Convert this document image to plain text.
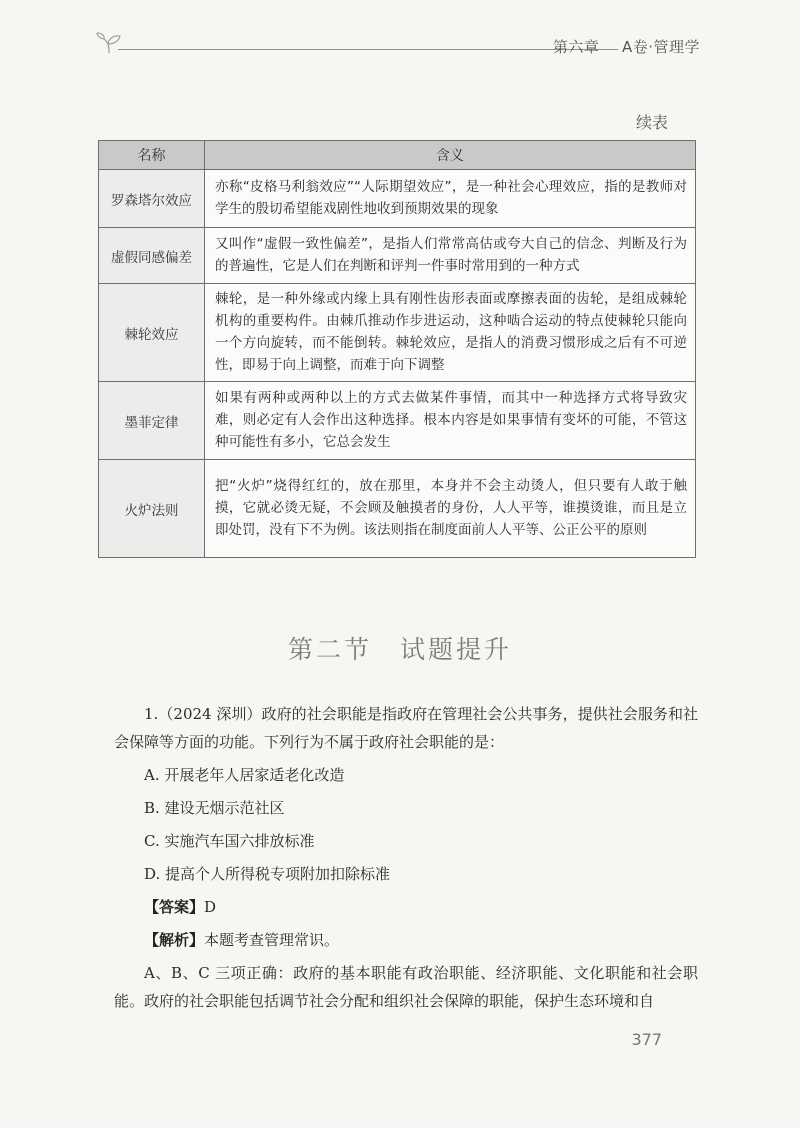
第六章 A卷·管理学
续表
名称	含义
罗森塔尔效应	亦称“皮格马利翁效应”“人际期望效应”，是一种社会心理效应，指的是教师对学生的殷切希望能戏剧性地收到预期效果的现象
虚假同感偏差	又叫作“虚假一致性偏差”，是指人们常常高估或夸大自己的信念、判断及行为的普遍性，它是人们在判断和评判一件事时常用到的一种方式
棘轮效应	棘轮，是一种外缘或内缘上具有刚性齿形表面或摩擦表面的齿轮，是组成棘轮机构的重要构件。由棘爪推动作步进运动，这种啮合运动的特点使棘轮只能向一个方向旋转，而不能倒转。棘轮效应，是指人的消费习惯形成之后有不可逆性，即易于向上调整，而难于向下调整
墨菲定律	如果有两种或两种以上的方式去做某件事情，而其中一种选择方式将导致灾难，则必定有人会作出这种选择。根本内容是如果事情有变坏的可能，不管这种可能性有多小，它总会发生
火炉法则	把“火炉”烧得红红的，放在那里，本身并不会主动烫人，但只要有人敢于触摸，它就必烫无疑，不会顾及触摸者的身份，人人平等，谁摸烫谁，而且是立即处罚，没有下不为例。该法则指在制度面前人人平等、公正公平的原则
第二节 试题提升

1.（2024 深圳）政府的社会职能是指政府在管理社会公共事务，提供社会服务和社会保障等方面的功能。下列行为不属于政府社会职能的是：

A. 开展老年人居家适老化改造

B. 建设无烟示范社区

C. 实施汽车国六排放标准

D. 提高个人所得税专项附加扣除标准

【答案】D

【解析】本题考查管理常识。

A、B、C 三项正确：政府的基本职能有政治职能、经济职能、文化职能和社会职能。政府的社会职能包括调节社会分配和组织社会保障的职能，保护生态环境和自

377
